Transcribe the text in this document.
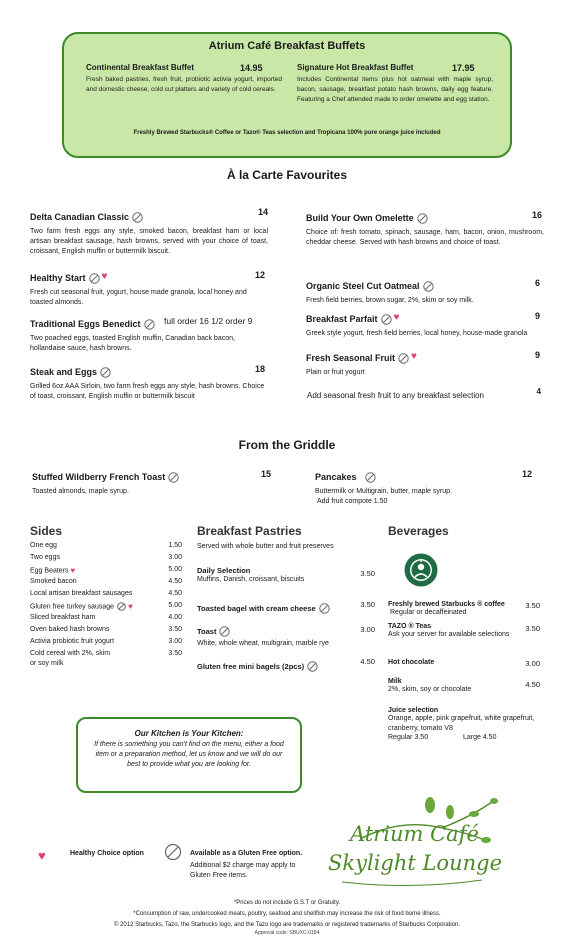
Atrium Café Breakfast Buffets
Continental Breakfast Buffet	14.95
Fresh baked pastries, fresh fruit, probiotic activia yogurt, imported and domestic cheese, cold cut platters and variety of cold cereals.
Signature Hot Breakfast Buffet	17.95
Includes Continental items plus hot oatmeal with maple syrup, bacon, sausage, breakfast potato hash browns, daily egg feature. Featuring a Chef attended made to order omelette and egg station.
Freshly Brewed Starbucks® Coffee or Tazo® Teas selection and Tropicana 100% pure orange juice included
À la Carte Favourites
Delta Canadian Classic	14
Two farm fresh eggs any style, smoked bacon, breakfast ham or local artisan breakfast sausage, hash browns, served with your choice of toast, croissant, English muffin or buttermilk biscuit.
Healthy Start ♥	12
Fresh cut seasonal fruit, yogurt, house made granola, local honey and toasted almonds.
Traditional Eggs Benedict	full order 16 1/2 order 9
Two poached eggs, toasted English muffin, Canadian back bacon, hollandaise sauce, hash browns.
Steak and Eggs	18
Grilled 6oz AAA Sirloin, two farm fresh eggs any style, hash browns. Choice of toast, croissant, English muffin or buttermilk biscuit
Build Your Own Omelette	16
Choice of: fresh tomato, spinach, sausage, ham, bacon, onion, mushroom, cheddar cheese. Served with hash browns and choice of toast.
Organic Steel Cut Oatmeal	6
Fresh field berries, brown sugar, 2%, skim or soy milk.
Breakfast Parfait ♥	9
Greek style yogurt, fresh field berries, local honey, house-made granola
Fresh Seasonal Fruit ♥	9
Plain or fruit yogurt
Add seasonal fresh fruit to any breakfast selection	4
From the Griddle
Stuffed Wildberry French Toast	15
Toasted almonds, maple syrup.
Pancakes	12
Buttermilk or Multigrain, butter, maple syrup.
Add fruit compote 1.50
Sides
One egg	1.50
Two eggs	3.00
Egg Beaters ♥	5.00
Smoked bacon	4.50
Local artisan breakfast sausages	4.50
Gluten free turkey sausage ♥	5.00
Sliced breakfast ham	4.00
Oven baked hash browns	3.50
Activia probiotic fruit yogurt	3.00
Cold cereal with 2%, skim	3.50
or soy milk
Breakfast Pastries
Served with whole butter and fruit preserves
Daily Selection
Muffins, Danish, croissant, biscuits
3.50
Toasted bagel with cream cheese	3.50
Toast
White, whole wheat, multigrain, marble rye
3.00
Gluten free mini bagels (2pcs)
4.50
Beverages
Freshly brewed Starbucks ® coffee
Regular or decaffeinated
3.50
TAZO ® Teas
Ask your server for available selections
3.50
Hot chocolate	3.00
Milk
2%, skim, soy or chocolate
4.50
Juice selection
Orange, apple, pink grapefruit, white grapefruit, cranberry, tomato V8
Regular 3.50	Large 4.50
Our Kitchen is Your Kitchen:
If there is something you can't find on the menu, either a food item or a preparation method, let us know and we will do our best to provide what you are looking for.
♥	Healthy Choice option	Available as a Gluten Free option.
Additional $2 charge may apply to Gluten Free items.
Atrium Café
Skylight Lounge
*Prices do not include G.S.T or Gratuity.
*Consumption of raw, undercooked meats, poultry, seafood and shellfish may increase the risk of food borne illness.
© 2012 Starbucks, Tazo, the Starbucks logo, and the Tazo logo are trademarks or registered trademarks of Starbucks Corporation.
Approval code: SBUXC-0184
